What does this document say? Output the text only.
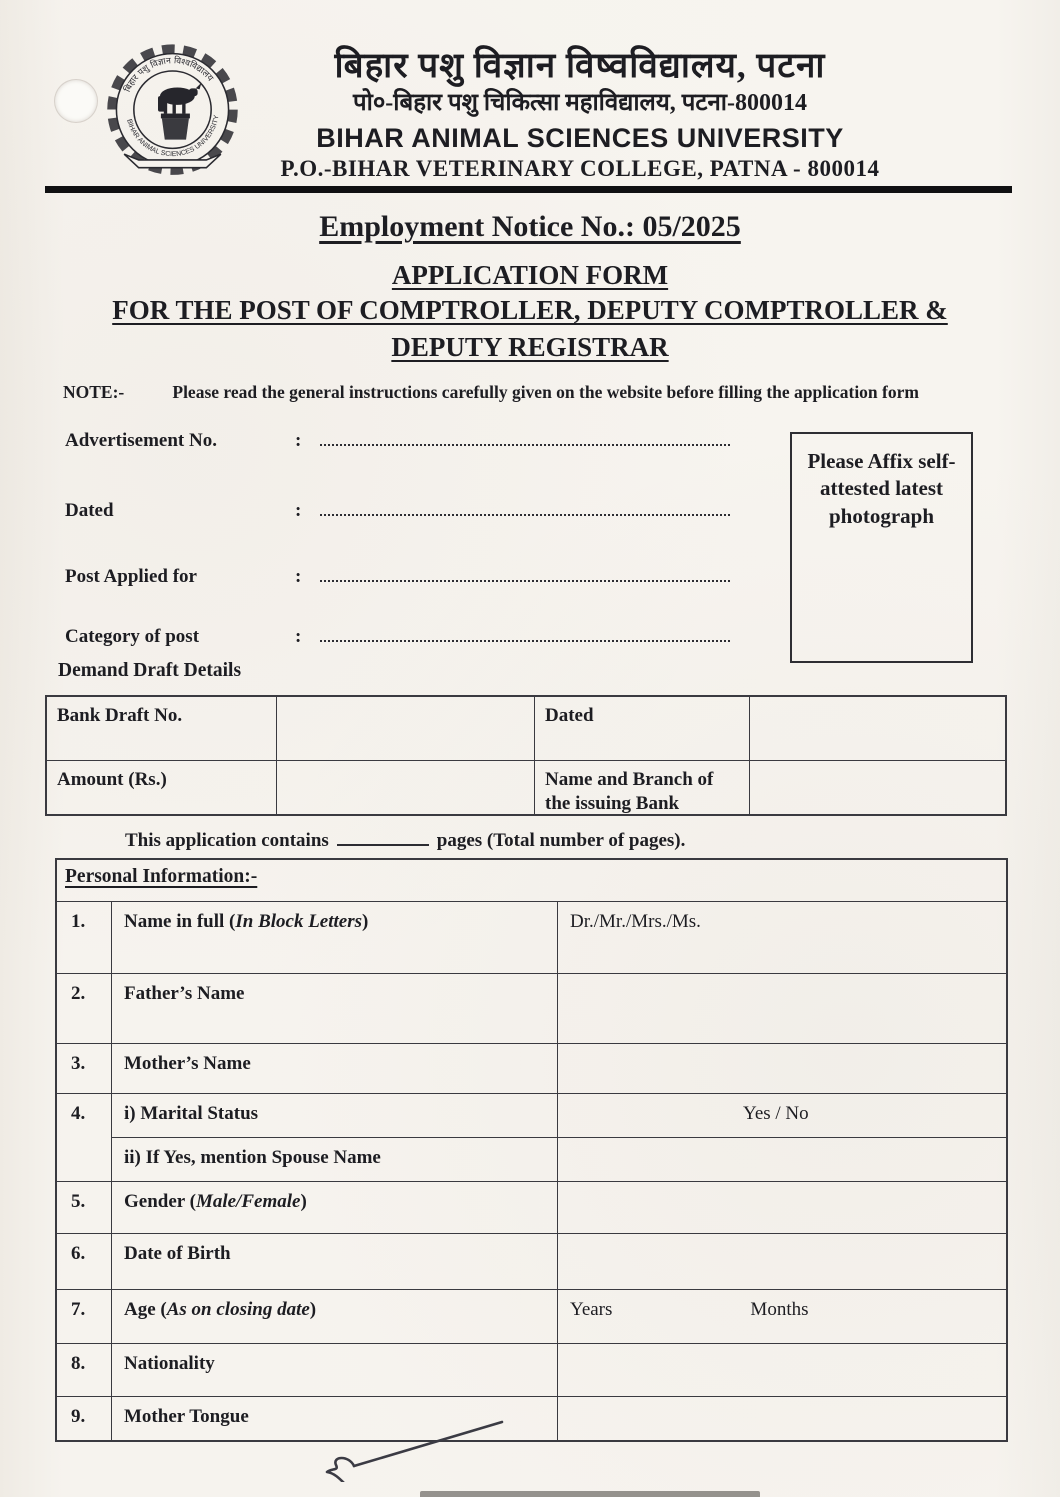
बिहार पशु विज्ञान विश्वविद्यालय
BIHAR ANIMAL SCIENCES UNIVERSITY
बिहार पशु विज्ञान विष्वविद्यालय, पटना
पो०-बिहार पशु चिकित्सा महाविद्यालय, पटना-800014
BIHAR ANIMAL SCIENCES UNIVERSITY
P.O.-BIHAR VETERINARY COLLEGE, PATNA - 800014
Employment Notice No.: 05/2025
APPLICATION FORM
FOR THE POST OF COMPTROLLER, DEPUTY COMPTROLLER &
DEPUTY REGISTRAR
NOTE:-	Please read the general instructions carefully given on the website before filling the application form
Advertisement No.	:
Dated	:
Post Applied for	:
Category of post	:
Please Affix self-attested latest photograph
Demand Draft Details
Bank Draft No.	Dated
Amount (Rs.)	Name and Branch of the issuing Bank
This application contains	pages (Total number of pages).
Personal Information:-
1.	Name in full (In Block Letters)	Dr./Mr./Mrs./Ms.
2.	Father’s Name
3.	Mother’s Name
4.	i) Marital Status	Yes / No
ii) If Yes, mention Spouse Name
5.	Gender (Male/Female)
6.	Date of Birth
7.	Age (As on closing date)	Years	Months
8.	Nationality
9.	Mother Tongue
